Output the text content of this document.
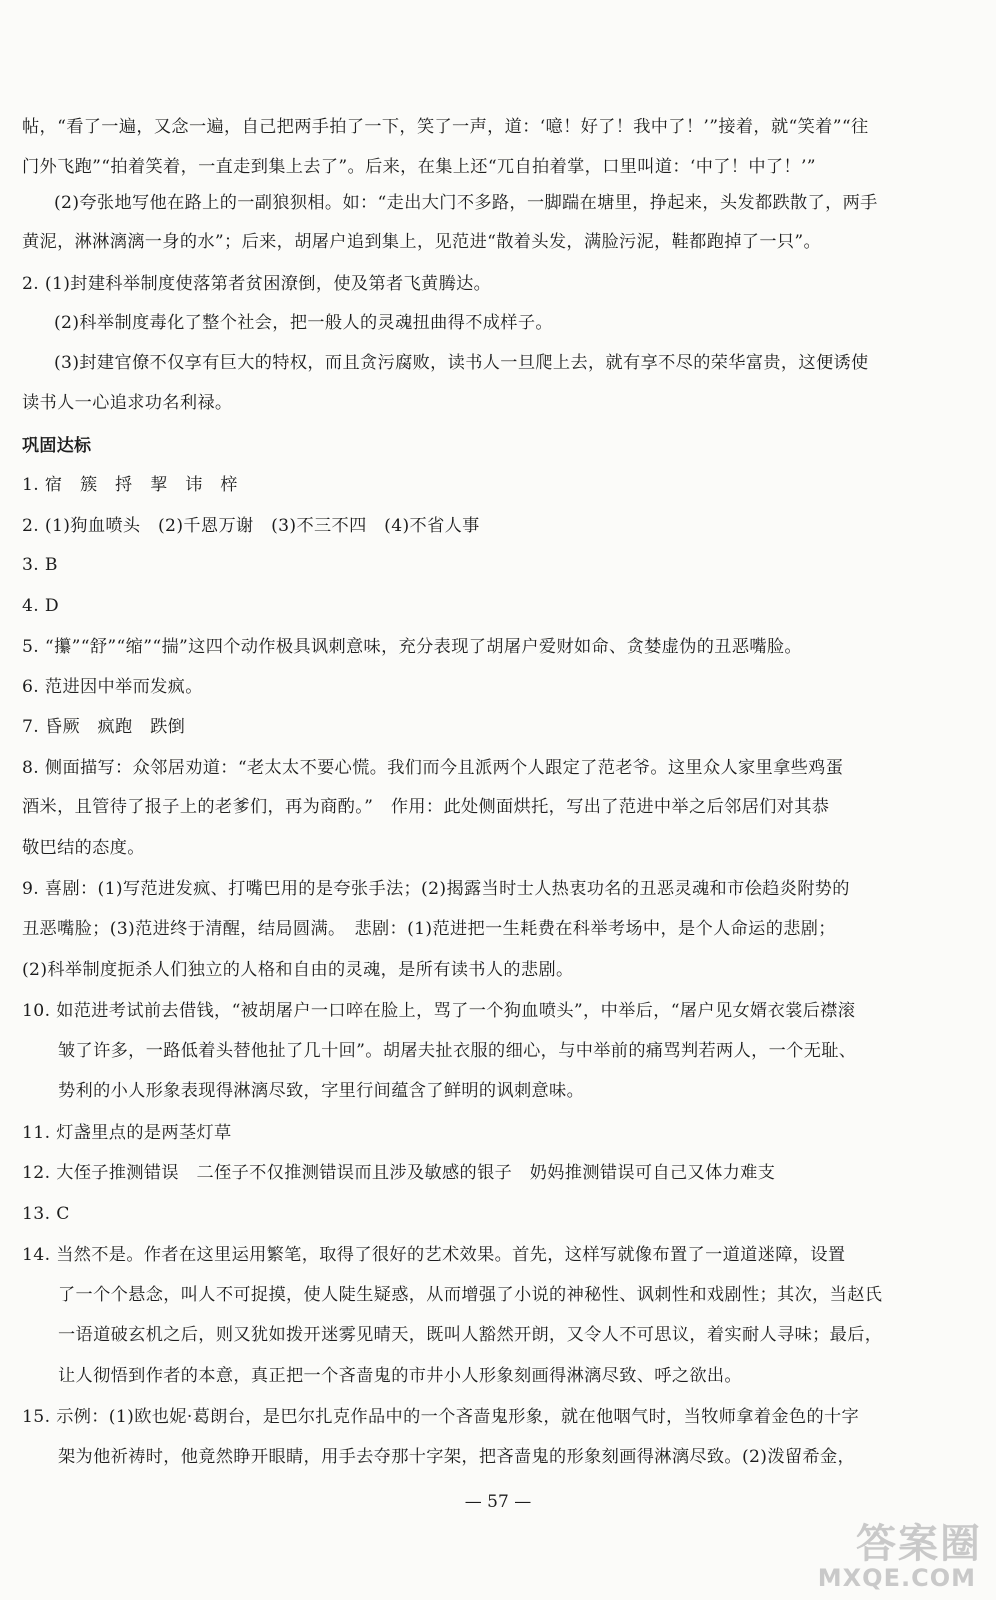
帖，“看了一遍，又念一遍，自己把两手拍了一下，笑了一声，道：‘噫！好了！我中了！’”接着，就“笑着”“往
门外飞跑”“拍着笑着，一直走到集上去了”。后来，在集上还“兀自拍着掌，口里叫道：‘中了！中了！’”
(2)夸张地写他在路上的一副狼狈相。如：“走出大门不多路，一脚踹在塘里，挣起来，头发都跌散了，两手
黄泥，淋淋漓漓一身的水”；后来，胡屠户追到集上，见范进“散着头发，满脸污泥，鞋都跑掉了一只”。
2. (1)封建科举制度使落第者贫困潦倒，使及第者飞黄腾达。
(2)科举制度毒化了整个社会，把一般人的灵魂扭曲得不成样子。
(3)封建官僚不仅享有巨大的特权，而且贪污腐败，读书人一旦爬上去，就有享不尽的荣华富贵，这便诱使
读书人一心追求功名利禄。
巩固达标
1. 宿　簇　捋　挈　讳　梓
2. (1)狗血喷头　(2)千恩万谢　(3)不三不四　(4)不省人事
3. B
4. D
5. “攥”“舒”“缩”“揣”这四个动作极具讽刺意味，充分表现了胡屠户爱财如命、贪婪虚伪的丑恶嘴脸。
6. 范进因中举而发疯。
7. 昏厥　疯跑　跌倒
8. 侧面描写：众邻居劝道：“老太太不要心慌。我们而今且派两个人跟定了范老爷。这里众人家里拿些鸡蛋
酒米，且管待了报子上的老爹们，再为商酌。”　作用：此处侧面烘托，写出了范进中举之后邻居们对其恭
敬巴结的态度。
9. 喜剧：(1)写范进发疯、打嘴巴用的是夸张手法；(2)揭露当时士人热衷功名的丑恶灵魂和市侩趋炎附势的
丑恶嘴脸；(3)范进终于清醒，结局圆满。　悲剧：(1)范进把一生耗费在科举考场中，是个人命运的悲剧；
(2)科举制度扼杀人们独立的人格和自由的灵魂，是所有读书人的悲剧。
10. 如范进考试前去借钱，“被胡屠户一口啐在脸上，骂了一个狗血喷头”，中举后，“屠户见女婿衣裳后襟滚
皱了许多，一路低着头替他扯了几十回”。胡屠夫扯衣服的细心，与中举前的痛骂判若两人，一个无耻、
势利的小人形象表现得淋漓尽致，字里行间蕴含了鲜明的讽刺意味。
11. 灯盏里点的是两茎灯草
12. 大侄子推测错误　二侄子不仅推测错误而且涉及敏感的银子　奶妈推测错误可自己又体力难支
13. C
14. 当然不是。作者在这里运用繁笔，取得了很好的艺术效果。首先，这样写就像布置了一道道迷障，设置
了一个个悬念，叫人不可捉摸，使人陡生疑惑，从而增强了小说的神秘性、讽刺性和戏剧性；其次，当赵氏
一语道破玄机之后，则又犹如拨开迷雾见晴天，既叫人豁然开朗，又令人不可思议，着实耐人寻味；最后，
让人彻悟到作者的本意，真正把一个吝啬鬼的市井小人形象刻画得淋漓尽致、呼之欲出。
15. 示例：(1)欧也妮·葛朗台，是巴尔扎克作品中的一个吝啬鬼形象，就在他咽气时，当牧师拿着金色的十字
架为他祈祷时，他竟然睁开眼睛，用手去夺那十字架，把吝啬鬼的形象刻画得淋漓尽致。(2)泼留希金，
— 57 —
答案圈
MXQE.COM
